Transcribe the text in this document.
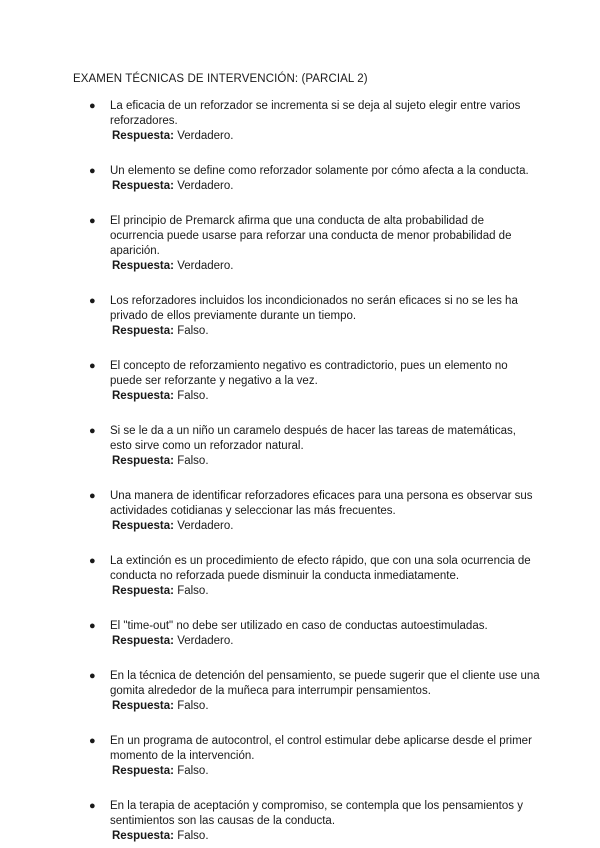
EXAMEN TÉCNICAS DE INTERVENCIÓN: (PARCIAL 2)
● La eficacia de un reforzador se incrementa si se deja al sujeto elegir entre varios reforzadores.
Respuesta: Verdadero.
● Un elemento se define como reforzador solamente por cómo afecta a la conducta.
Respuesta: Verdadero.
● El principio de Premarck afirma que una conducta de alta probabilidad de ocurrencia puede usarse para reforzar una conducta de menor probabilidad de aparición.
Respuesta: Verdadero.
● Los reforzadores incluidos los incondicionados no serán eficaces si no se les ha privado de ellos previamente durante un tiempo.
Respuesta: Falso.
● El concepto de reforzamiento negativo es contradictorio, pues un elemento no puede ser reforzante y negativo a la vez.
Respuesta: Falso.
● Si se le da a un niño un caramelo después de hacer las tareas de matemáticas, esto sirve como un reforzador natural.
Respuesta: Falso.
● Una manera de identificar reforzadores eficaces para una persona es observar sus actividades cotidianas y seleccionar las más frecuentes.
Respuesta: Verdadero.
● La extinción es un procedimiento de efecto rápido, que con una sola ocurrencia de conducta no reforzada puede disminuir la conducta inmediatamente.
Respuesta: Falso.
● El "time-out" no debe ser utilizado en caso de conductas autoestimuladas.
Respuesta: Verdadero.
● En la técnica de detención del pensamiento, se puede sugerir que el cliente use una gomita alrededor de la muñeca para interrumpir pensamientos.
Respuesta: Falso.
● En un programa de autocontrol, el control estimular debe aplicarse desde el primer momento de la intervención.
Respuesta: Falso.
● En la terapia de aceptación y compromiso, se contempla que los pensamientos y sentimientos son las causas de la conducta.
Respuesta: Falso.
